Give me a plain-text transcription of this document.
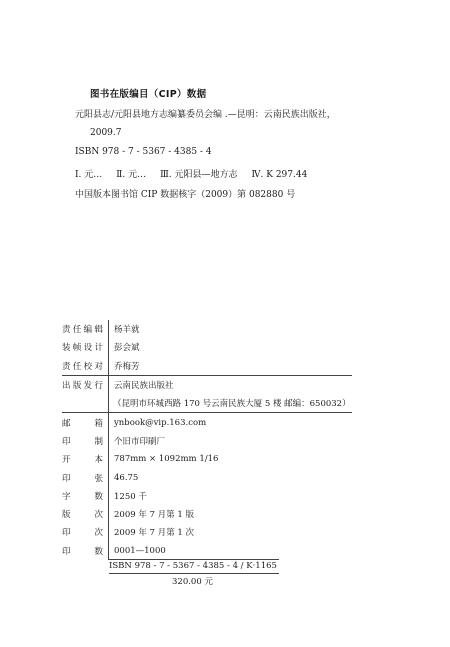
图书在版编目（CIP）数据

元阳县志/元阳县地方志编纂委员会编 .—昆明：云南民族出版社，

2009.7

ISBN 978 - 7 - 5367 - 4385 - 4

Ⅰ. 元… Ⅱ. 元… Ⅲ. 元阳县—地方志 Ⅳ. K 297.44

中国版本图书馆 CIP 数据核字（2009）第 082880 号

责任编辑	杨羊就
装帧设计	彭会斌
责任校对	乔梅芳
出版发行	云南民族出版社
	（昆明市环城西路 170 号云南民族大厦 5 楼 邮编：650032）
邮 箱	ynbook@vip.163.com
印 制	个旧市印刷厂
开 本	787mm × 1092mm 1/16
印 张	46.75
字 数	1250 千
版 次	2009 年 7 月第 1 版
印 次	2009 年 7 月第 1 次
印 数	0001—1000
ISBN 978 - 7 - 5367 - 4385 - 4 / K·1165
320.00 元
